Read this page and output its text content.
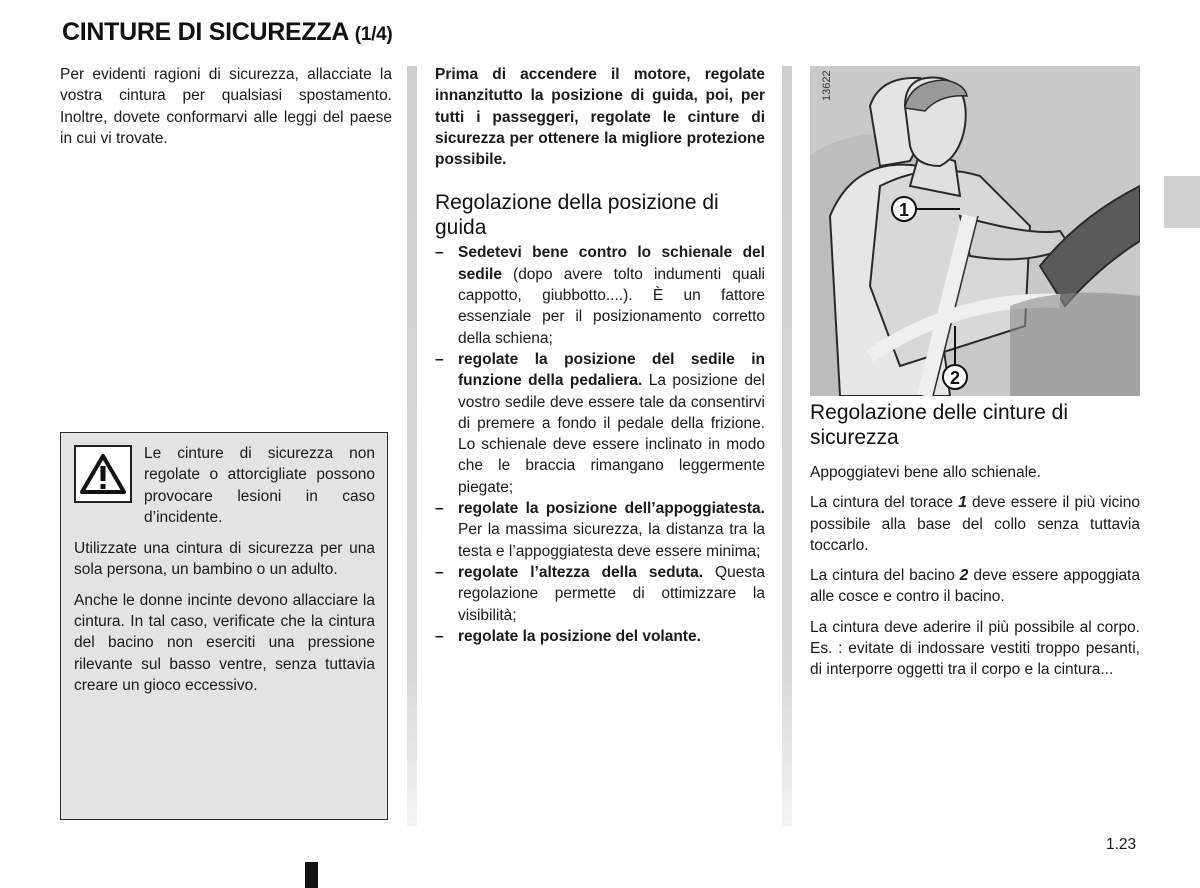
CINTURE DI SICUREZZA (1/4)

Per evidenti ragioni di sicurezza, allacciate la vostra cintura per qualsiasi spostamento. Inoltre, dovete conformarvi alle leggi del paese in cui vi trovate.

Le cinture di sicurezza non regolate o attorcigliate possono provocare lesioni in caso d’incidente.

Utilizzate una cintura di sicurezza per una sola persona, un bambino o un adulto.

Anche le donne incinte devono allacciare la cintura. In tal caso, verificate che la cintura del bacino non eserciti una pressione rilevante sul basso ventre, senza tuttavia creare un gioco eccessivo.

Prima di accendere il motore, regolate innanzitutto la posizione di guida, poi, per tutti i passeggeri, regolate le cinture di sicurezza per ottenere la migliore protezione possibile.

Regolazione della posizione di guida
– Sedetevi bene contro lo schienale del sedile (dopo avere tolto indumenti quali cappotto, giubbotto....). È un fattore essenziale per il posizionamento corretto della schiena;
– regolate la posizione del sedile in funzione della pedaliera. La posizione del vostro sedile deve essere tale da consentirvi di premere a fondo il pedale della frizione. Lo schienale deve essere inclinato in modo che le braccia rimangano leggermente piegate;
– regolate la posizione dell’appoggiatesta. Per la massima sicurezza, la distanza tra la testa e l’appoggiatesta deve essere minima;
– regolate l’altezza della seduta. Questa regolazione permette di ottimizzare la visibilità;
– regolate la posizione del volante.
13622
1
2
Regolazione delle cinture di sicurezza

Appoggiatevi bene allo schienale.

La cintura del torace 1 deve essere il più vicino possibile alla base del collo senza tuttavia toccarlo.

La cintura del bacino 2 deve essere appoggiata alle cosce e contro il bacino.

La cintura deve aderire il più possibile al corpo. Es. : evitate di indossare vestiti troppo pesanti, di interporre oggetti tra il corpo e la cintura...

1.23
